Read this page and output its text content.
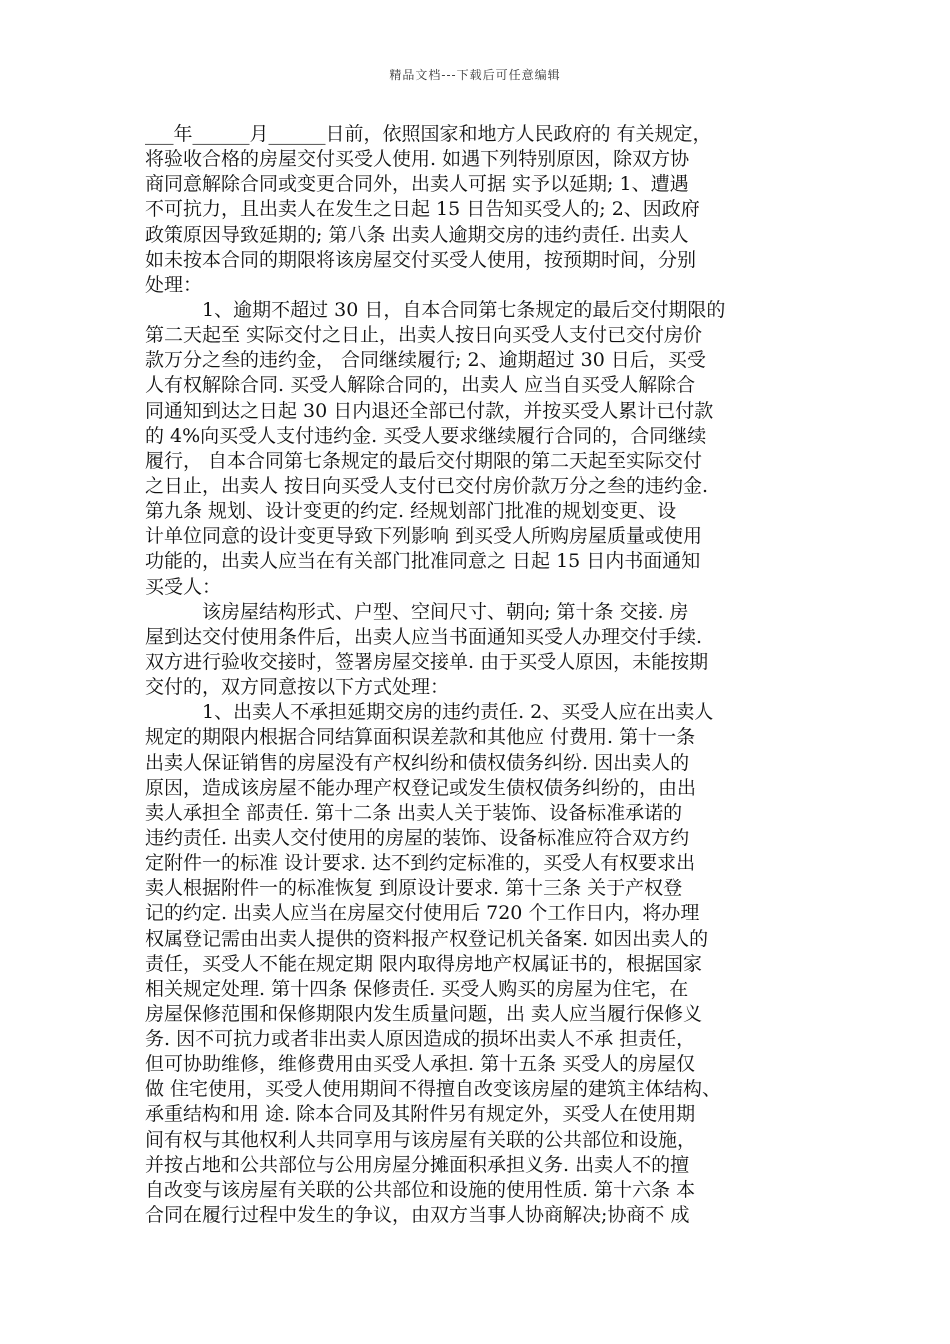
精品文档---下载后可任意编辑
___年______月______日前，依照国家和地方人民政府的 有关规定，
将验收合格的房屋交付买受人使用. 如遇下列特别原因，除双方协
商同意解除合同或变更合同外，出卖人可据 实予以延期; 1、遭遇
不可抗力，且出卖人在发生之日起 15 日告知买受人的; 2、因政府
政策原因导致延期的; 第八条 出卖人逾期交房的违约责任. 出卖人
如未按本合同的期限将该房屋交付买受人使用，按预期时间，分别
处理：
　　　1、逾期不超过 30 日，自本合同第七条规定的最后交付期限的
第二天起至 实际交付之日止，出卖人按日向买受人支付已交付房价
款万分之叁的违约金， 合同继续履行; 2、逾期超过 30 日后，买受
人有权解除合同. 买受人解除合同的，出卖人 应当自买受人解除合
同通知到达之日起 30 日内退还全部已付款，并按买受人累计已付款
的 4%向买受人支付违约金. 买受人要求继续履行合同的，合同继续
履行， 自本合同第七条规定的最后交付期限的第二天起至实际交付
之日止，出卖人 按日向买受人支付已交付房价款万分之叁的违约金.
第九条 规划、设计变更的约定. 经规划部门批准的规划变更、设
计单位同意的设计变更导致下列影响 到买受人所购房屋质量或使用
功能的，出卖人应当在有关部门批准同意之 日起 15 日内书面通知
买受人：
　　　该房屋结构形式、户型、空间尺寸、朝向; 第十条 交接. 房
屋到达交付使用条件后，出卖人应当书面通知买受人办理交付手续.
双方进行验收交接时，签署房屋交接单. 由于买受人原因，未能按期
交付的，双方同意按以下方式处理：
　　　1、出卖人不承担延期交房的违约责任. 2、买受人应在出卖人
规定的期限内根据合同结算面积误差款和其他应 付费用. 第十一条
出卖人保证销售的房屋没有产权纠纷和债权债务纠纷. 因出卖人的
原因，造成该房屋不能办理产权登记或发生债权债务纠纷的，由出
卖人承担全 部责任. 第十二条 出卖人关于装饰、设备标准承诺的
违约责任. 出卖人交付使用的房屋的装饰、设备标准应符合双方约
定附件一的标准 设计要求. 达不到约定标准的，买受人有权要求出
卖人根据附件一的标准恢复 到原设计要求. 第十三条 关于产权登
记的约定. 出卖人应当在房屋交付使用后 720 个工作日内，将办理
权属登记需由出卖人提供的资料报产权登记机关备案. 如因出卖人的
责任，买受人不能在规定期 限内取得房地产权属证书的，根据国家
相关规定处理. 第十四条 保修责任. 买受人购买的房屋为住宅，在
房屋保修范围和保修期限内发生质量问题，出 卖人应当履行保修义
务. 因不可抗力或者非出卖人原因造成的损坏出卖人不承 担责任，
但可协助维修，维修费用由买受人承担. 第十五条 买受人的房屋仅
做 住宅使用，买受人使用期间不得擅自改变该房屋的建筑主体结构、
承重结构和用 途. 除本合同及其附件另有规定外，买受人在使用期
间有权与其他权利人共同享用与该房屋有关联的公共部位和设施，
并按占地和公共部位与公用房屋分摊面积承担义务. 出卖人不的擅
自改变与该房屋有关联的公共部位和设施的使用性质. 第十六条 本
合同在履行过程中发生的争议，由双方当事人协商解决;协商不 成
